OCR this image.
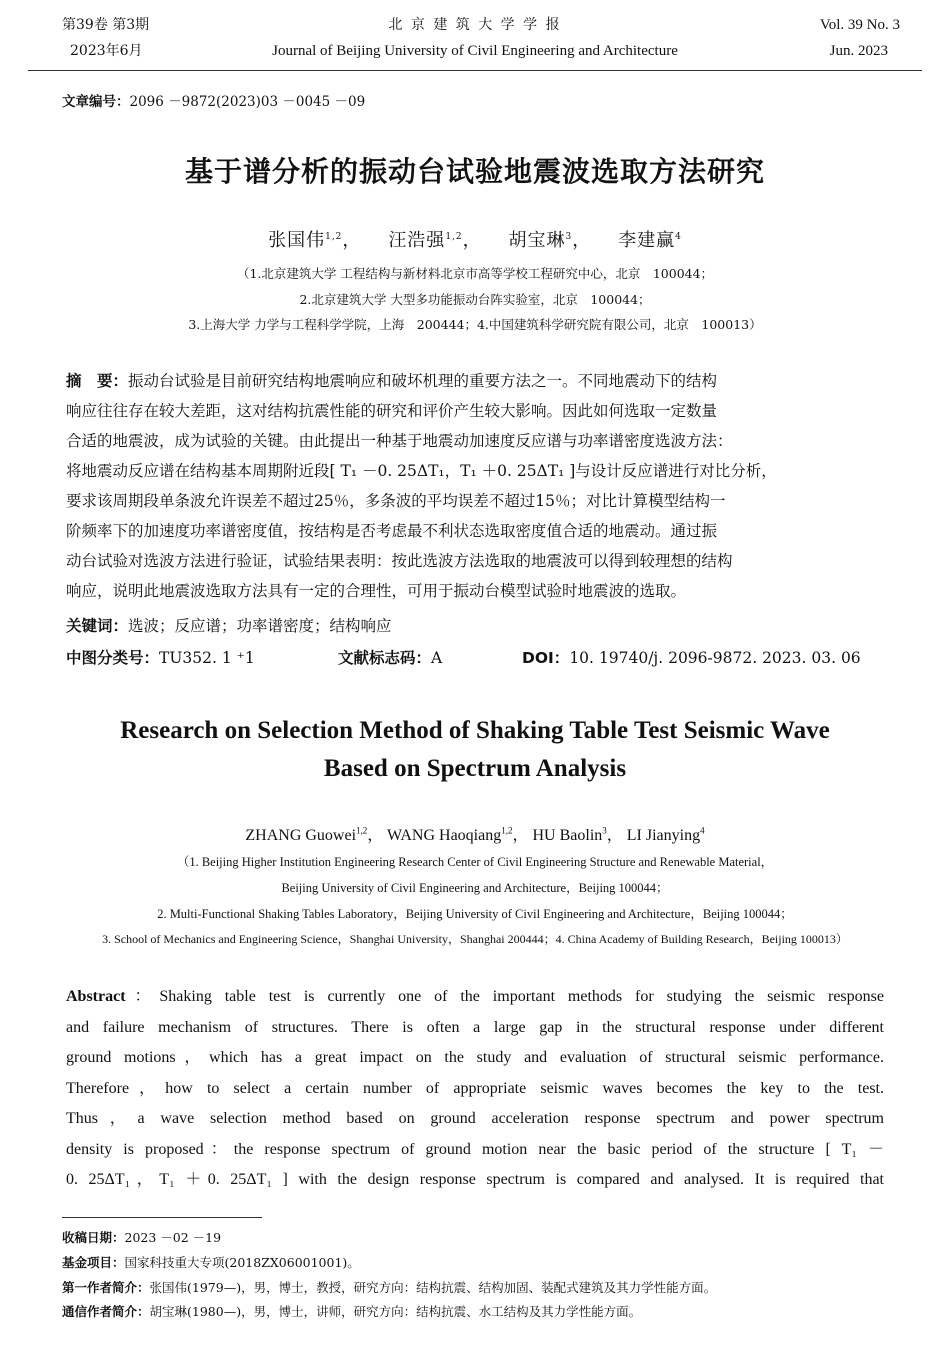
第39卷 第3期
2023年6月
北 京 建 筑 大 学 学 报
Journal of Beijing University of Civil Engineering and Architecture
Vol. 39 No. 3
Jun. 2023
文章编号：2096 －9872(2023)03 －0045 －09
基于谱分析的振动台试验地震波选取方法研究
张国伟$^{1,2}$， 汪浩强$^{1,2}$， 胡宝琳$^3$， 李建赢$^4$
（1.北京建筑大学 工程结构与新材料北京市高等学校工程研究中心，北京　100044；
2.北京建筑大学 大型多功能振动台阵实验室，北京　100044；
3.上海大学 力学与工程科学学院，上海　200444；4.中国建筑科学研究院有限公司，北京　100013）
摘　要：振动台试验是目前研究结构地震响应和破坏机理的重要方法之一。不同地震动下的结构
响应往往存在较大差距，这对结构抗震性能的研究和评价产生较大影响。因此如何选取一定数量
合适的地震波，成为试验的关键。由此提出一种基于地震动加速度反应谱与功率谱密度选波方法：
将地震动反应谱在结构基本周期附近段[ T₁ －0. 25ΔT₁，T₁ ＋0. 25ΔT₁ ]与设计反应谱进行对比分析，
要求该周期段单条波允许误差不超过25％，多条波的平均误差不超过15％；对比计算模型结构一
阶频率下的加速度功率谱密度值，按结构是否考虑最不利状态选取密度值合适的地震动。通过振
动台试验对选波方法进行验证，试验结果表明：按此选波方法选取的地震波可以得到较理想的结构
响应，说明此地震波选取方法具有一定的合理性，可用于振动台模型试验时地震波的选取。
关键词：选波；反应谱；功率谱密度；结构响应
中图分类号：TU352. 1 ⁺1	文献标志码：A	DOI：10. 19740/j. 2096-9872. 2023. 03. 06
Research on Selection Method of Shaking Table Test Seismic Wave
Based on Spectrum Analysis
ZHANG Guowei$^{1,2}$， WANG Haoqiang$^{1,2}$， HU Baolin$^3$， LI Jianying$^4$
（1. Beijing Higher Institution Engineering Research Center of Civil Engineering Structure and Renewable Material，
Beijing University of Civil Engineering and Architecture，Beijing 100044；
2. Multi-Functional Shaking Tables Laboratory，Beijing University of Civil Engineering and Architecture，Beijing 100044；
3. School of Mechanics and Engineering Science，Shanghai University，Shanghai 200444；4. China Academy of Building Research，Beijing 100013）
Abstract：Shaking table test is currently one of the important methods for studying the seismic response
and failure mechanism of structures. There is often a large gap in the structural response under different
ground motions，which has a great impact on the study and evaluation of structural seismic performance.
Therefore，how to select a certain number of appropriate seismic waves becomes the key to the test.
Thus，a wave selection method based on ground acceleration response spectrum and power spectrum
density is proposed：the response spectrum of ground motion near the basic period of the structure [ T₁ －
0. 25ΔT₁，T₁ ＋0. 25ΔT₁ ] with the design response spectrum is compared and analysed. It is required that
收稿日期：2023 －02 －19
基金项目：国家科技重大专项(2018ZX06001001)。
第一作者简介：张国伟(1979—)，男，博士，教授，研究方向：结构抗震、结构加固、装配式建筑及其力学性能方面。
通信作者简介：胡宝琳(1980—)，男，博士，讲师，研究方向：结构抗震、水工结构及其力学性能方面。
